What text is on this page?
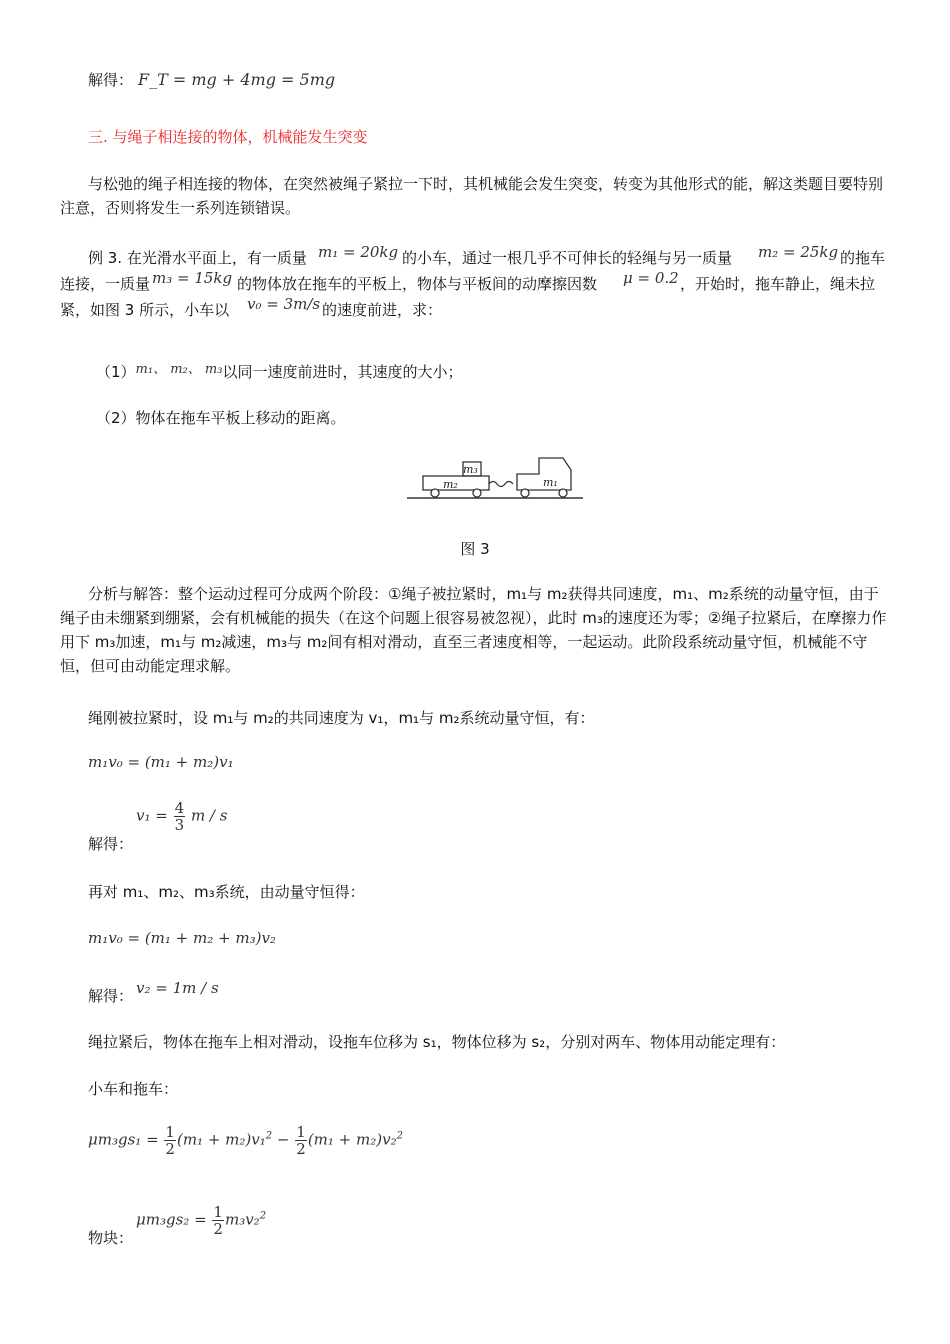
解得： F_T = mg + 4mg = 5mg
三. 与绳子相连接的物体，机械能发生突变
与松弛的绳子相连接的物体，在突然被绳子紧拉一下时，其机械能会发生突变，转变为其他形式的能，解这类题目要特别注意，否则将发生一系列连锁错误。
例 3. 在光滑水平面上，有一质量 m₁ = 20kg 的小车，通过一根几乎不可伸长的轻绳与另一质量 m₂ = 25kg 的拖车
连接，一质量 m₃ = 15kg 的物体放在拖车的平板上，物体与平板间的动摩擦因数 μ = 0.2 ，开始时，拖车静止，绳未拉
紧，如图 3 所示，小车以 v₀ = 3m/s 的速度前进，求：
（1）m₁、 m₂、 m₃以同一速度前进时，其速度的大小；
（2）物体在拖车平板上移动的距离。
m₃
m₂	m₁
图 3
分析与解答：整个运动过程可分成两个阶段：①绳子被拉紧时，m₁与 m₂获得共同速度，m₁、m₂系统的动量守恒，由于绳子由未绷紧到绷紧，会有机械能的损失（在这个问题上很容易被忽视），此时 m₃的速度还为零；②绳子拉紧后，在摩擦力作用下 m₃加速，m₁与 m₂减速，m₃与 m₂间有相对滑动，直至三者速度相等，一起运动。此阶段系统动量守恒，机械能不守恒，但可由动能定理求解。
绳刚被拉紧时，设 m₁与 m₂的共同速度为 v₁，m₁与 m₂系统动量守恒，有：
m₁v₀ = (m₁ + m₂)v₁
解得：
$v_1 = \frac{4}{3}$ m / s
再对 m₁、m₂、m₃系统，由动量守恒得：
m₁v₀ = (m₁ + m₂ + m₃)v₂
解得： v₂ = 1m / s
绳拉紧后，物体在拖车上相对滑动，设拖车位移为 s₁，物体位移为 s₂，分别对两车、物体用动能定理有：
小车和拖车：
$\mu m_3gs_1 = \frac{1}{2} (m_1 + m_2)v_1^2 - \frac{1}{2} (m_1 + m_2)v_2^2$
物块：
$\mu m_3gs_2 = \frac{1}{2} m_3v_2^2$
